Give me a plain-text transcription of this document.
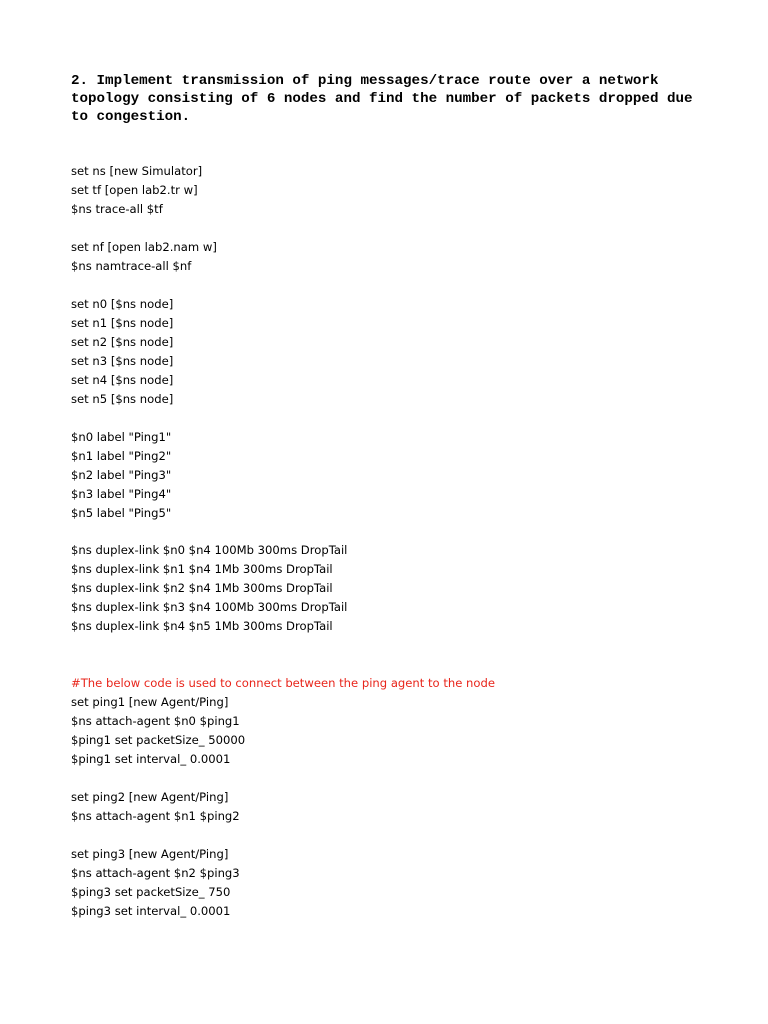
2. Implement transmission of ping messages/trace route over a network topology consisting of 6 nodes and find the number of packets dropped due to congestion.

set ns [new Simulator]
set tf [open lab2.tr w]
$ns trace-all $tf
set nf [open lab2.nam w]
$ns namtrace-all $nf
set n0 [$ns node]
set n1 [$ns node]
set n2 [$ns node]
set n3 [$ns node]
set n4 [$ns node]
set n5 [$ns node]
$n0 label "Ping1"
$n1 label "Ping2"
$n2 label "Ping3"
$n3 label "Ping4"
$n5 label "Ping5"
$ns duplex-link $n0 $n4 100Mb 300ms DropTail
$ns duplex-link $n1 $n4 1Mb 300ms DropTail
$ns duplex-link $n2 $n4 1Mb 300ms DropTail
$ns duplex-link $n3 $n4 100Mb 300ms DropTail
$ns duplex-link $n4 $n5 1Mb 300ms DropTail
#The below code is used to connect between the ping agent to the node
set ping1 [new Agent/Ping]
$ns attach-agent $n0 $ping1
$ping1 set packetSize_ 50000
$ping1 set interval_ 0.0001
set ping2 [new Agent/Ping]
$ns attach-agent $n1 $ping2
set ping3 [new Agent/Ping]
$ns attach-agent $n2 $ping3
$ping3 set packetSize_ 750
$ping3 set interval_ 0.0001
